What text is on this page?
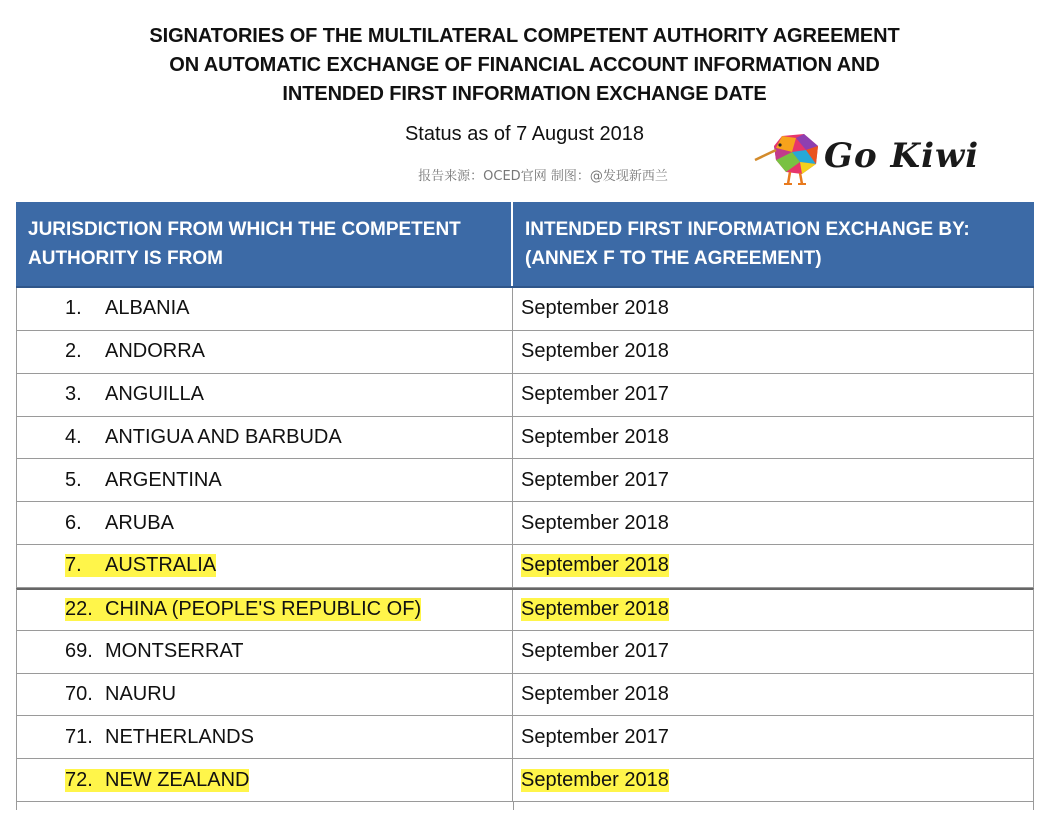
SIGNATORIES OF THE MULTILATERAL COMPETENT AUTHORITY AGREEMENT
ON AUTOMATIC EXCHANGE OF FINANCIAL ACCOUNT INFORMATION AND
INTENDED FIRST INFORMATION EXCHANGE DATE
Status as of 7 August 2018
报告来源：OCED官网 制图：@发现新西兰
Go Kiwi
JURISDICTION FROM WHICH THE COMPETENT
AUTHORITY IS FROM
INTENDED FIRST INFORMATION EXCHANGE BY:
(ANNEX F TO THE AGREEMENT)
1. ALBANIA	September 2018
2. ANDORRA	September 2018
3. ANGUILLA	September 2017
4. ANTIGUA AND BARBUDA	September 2018
5. ARGENTINA	September 2017
6. ARUBA	September 2018
7. AUSTRALIA	September 2018
22. CHINA (PEOPLE'S REPUBLIC OF)	September 2018
69. MONTSERRAT	September 2017
70. NAURU	September 2018
71. NETHERLANDS	September 2017
72. NEW ZEALAND	September 2018
